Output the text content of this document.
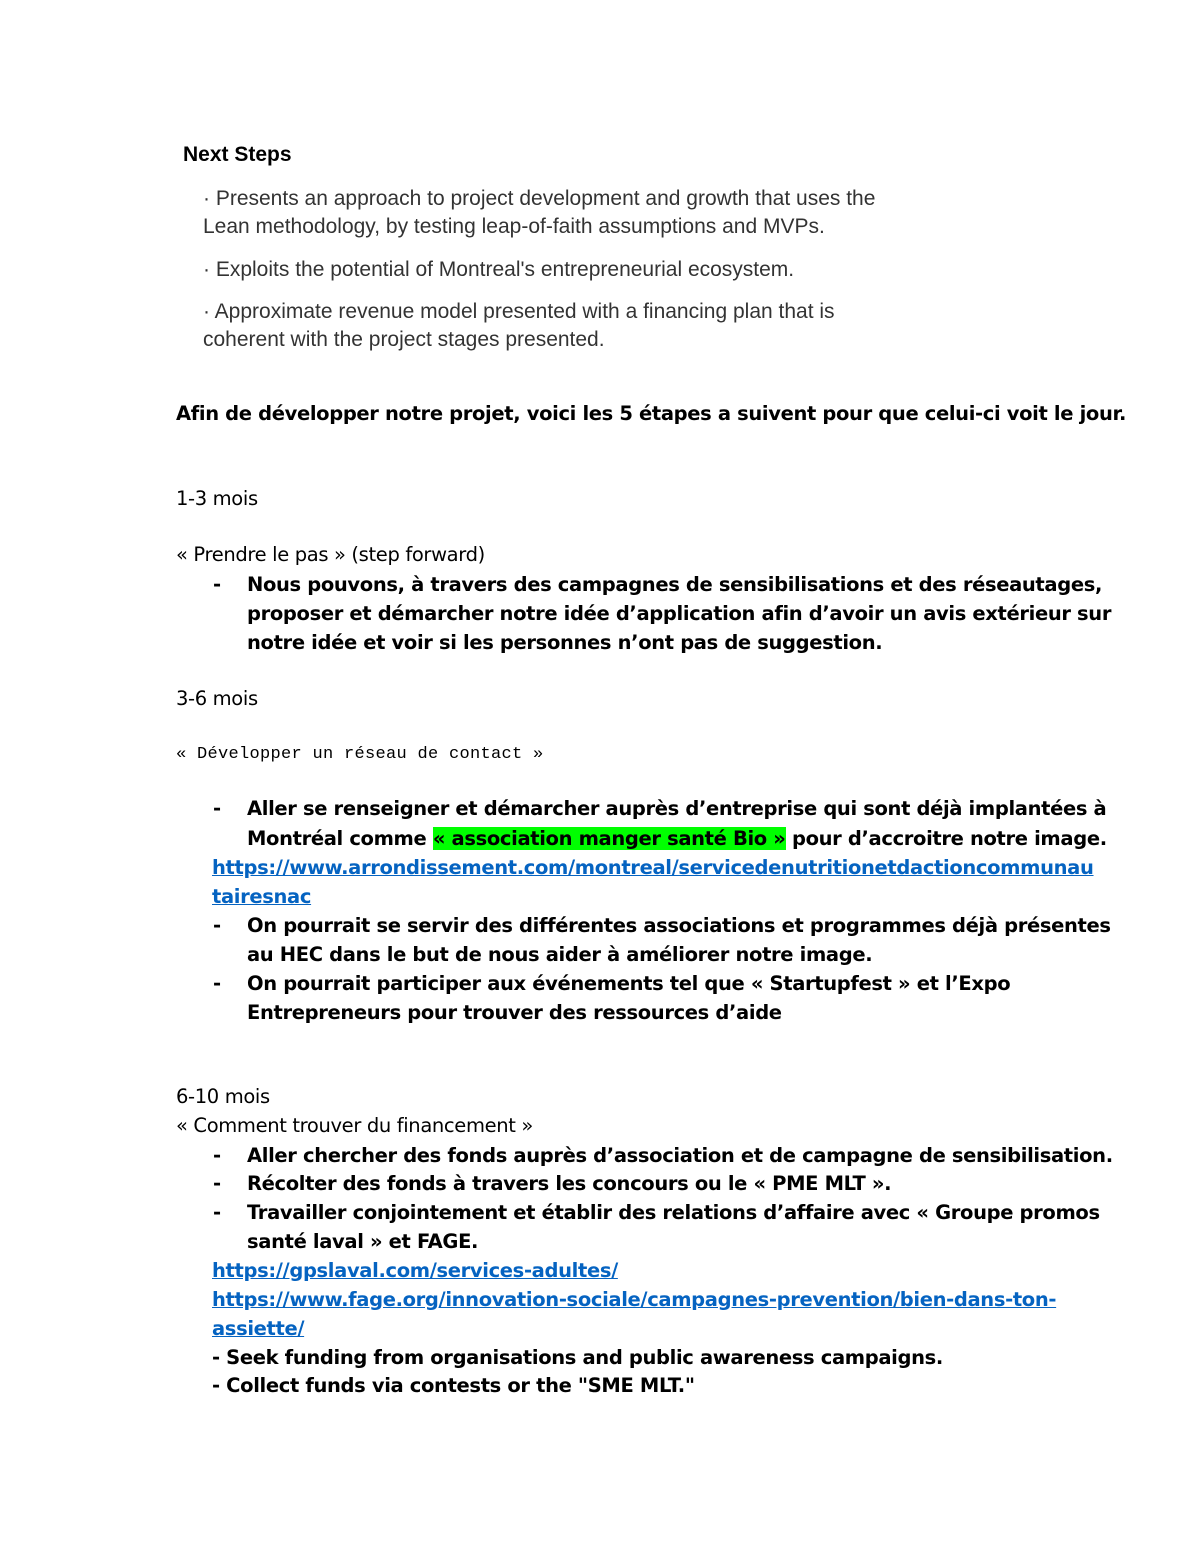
Next Steps
· Presents an approach to project development and growth that uses the
Lean methodology, by testing leap-of-faith assumptions and MVPs.
· Exploits the potential of Montreal's entrepreneurial ecosystem.
· Approximate revenue model presented with a financing plan that is
coherent with the project stages presented.
Afin de développer notre projet, voici les 5 étapes a suivent pour que celui-ci voit le jour.
1-3 mois
« Prendre le pas » (step forward)
- Nous pouvons, à travers des campagnes de sensibilisations et des réseautages,
proposer et démarcher notre idée d’application afin d’avoir un avis extérieur sur
notre idée et voir si les personnes n’ont pas de suggestion.
3-6 mois
« Développer un réseau de contact »
- Aller se renseigner et démarcher auprès d’entreprise qui sont déjà implantées à
Montréal comme « association manger santé Bio » pour d’accroitre notre image.
https://www.arrondissement.com/montreal/servicedenutritionetdactioncommunau
tairesnac
- On pourrait se servir des différentes associations et programmes déjà présentes
au HEC dans le but de nous aider à améliorer notre image.
- On pourrait participer aux événements tel que « Startupfest » et l’Expo
Entrepreneurs pour trouver des ressources d’aide
6-10 mois
« Comment trouver du financement »
- Aller chercher des fonds auprès d’association et de campagne de sensibilisation.
- Récolter des fonds à travers les concours ou le « PME MLT ».
- Travailler conjointement et établir des relations d’affaire avec « Groupe promos
santé laval » et FAGE.
https://gpslaval.com/services-adultes/
https://www.fage.org/innovation-sociale/campagnes-prevention/bien-dans-ton-
assiette/
- Seek funding from organisations and public awareness campaigns.
- Collect funds via contests or the "SME MLT."
